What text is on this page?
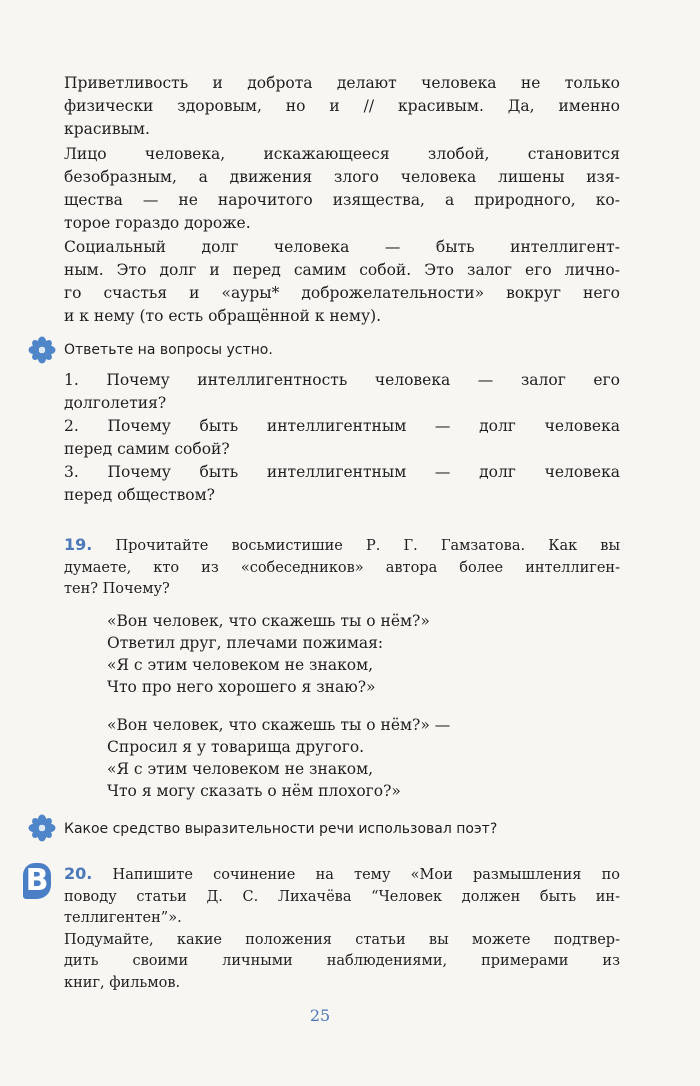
Приветливость и доброта делают человека не только
физически здоровым, но и // красивым. Да, именно
красивым.
Лицо человека, искажающееся злобой, становится
безобразным, а движения злого человека лишены изя-
щества — не нарочитого изящества, а природного, ко-
торое гораздо дороже.
Социальный долг человека — быть интеллигент-
ным. Это долг и перед самим собой. Это залог его лично-
го счастья и «ауры* доброжелательности» вокруг него
и к нему (то есть обращённой к нему).
Ответьте на вопросы устно.
1. Почему интеллигентность человека — залог его
долголетия?
2. Почему быть интеллигентным — долг человека
перед самим собой?
3. Почему быть интеллигентным — долг человека
перед обществом?
19. Прочитайте восьмистишие Р. Г. Гамзатова. Как вы
думаете, кто из «собеседников» автора более интеллиген-
тен? Почему?
«Вон человек, что скажешь ты о нём?»
Ответил друг, плечами пожимая:
«Я с этим человеком не знаком,
Что про него хорошего я знаю?»
«Вон человек, что скажешь ты о нём?» —
Спросил я у товарища другого.
«Я с этим человеком не знаком,
Что я могу сказать о нём плохого?»
Какое средство выразительности речи использовал поэт?
В 20. Напишите сочинение на тему «Мои размышления по
поводу статьи Д. С. Лихачёва “Человек должен быть ин-
теллигентен”».
Подумайте, какие положения статьи вы можете подтвер-
дить своими личными наблюдениями, примерами из
книг, фильмов.
25
